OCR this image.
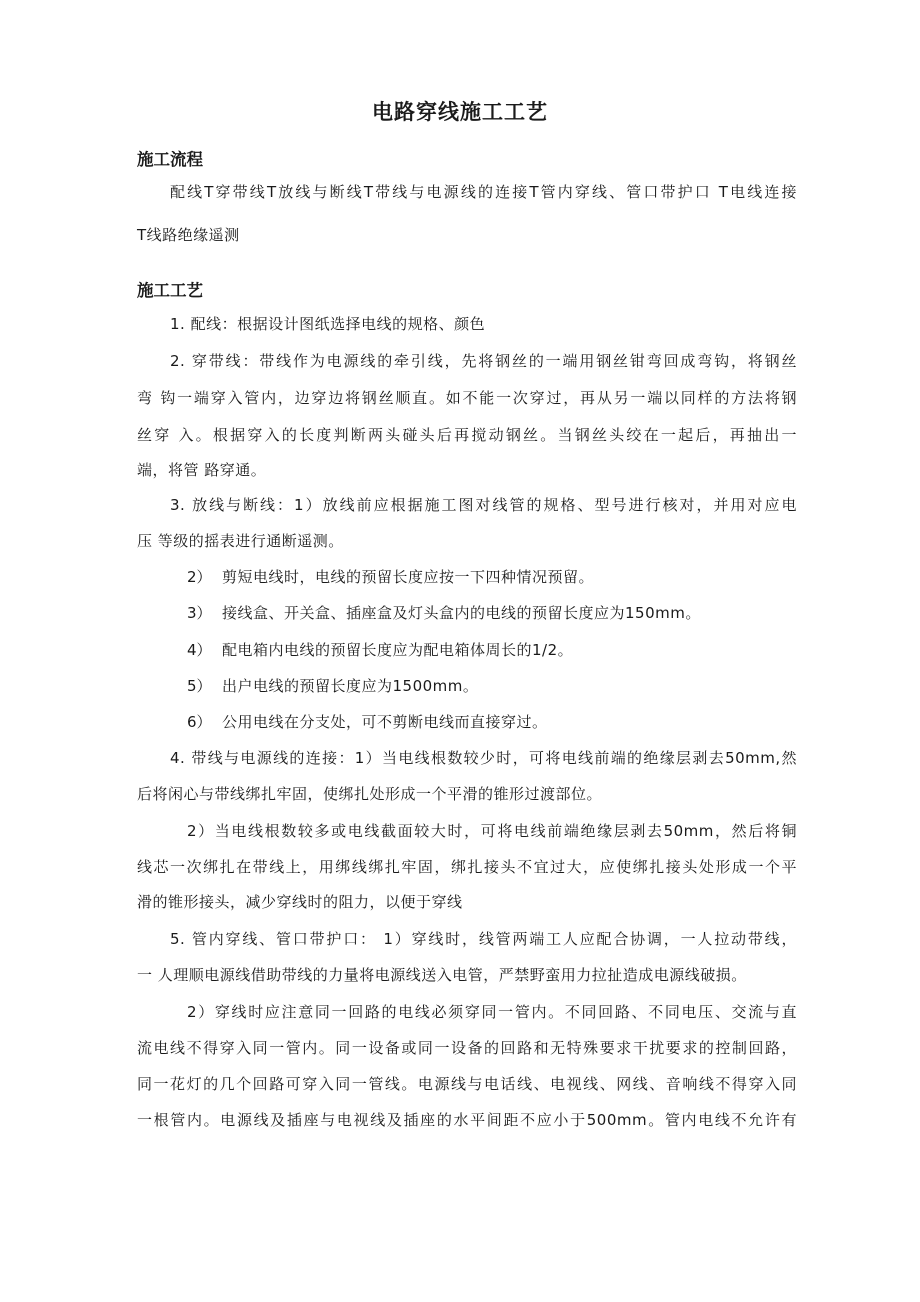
电路穿线施工工艺
施工流程

配线T穿带线T放线与断线T带线与电源线的连接T管内穿线、管口带护口 T电线连接

T线路绝缘遥测

施工工艺

1. 配线：根据设计图纸选择电线的规格、颜色

2. 穿带线：带线作为电源线的牵引线，先将钢丝的一端用钢丝钳弯回成弯钩，将钢丝

弯 钩一端穿入管内，边穿边将钢丝顺直。如不能一次穿过，再从另一端以同样的方法将钢

丝穿 入。根据穿入的长度判断两头碰头后再搅动钢丝。当钢丝头绞在一起后，再抽出一

端，将管 路穿通。

3. 放线与断线：1）放线前应根据施工图对线管的规格、型号进行核对，并用对应电

压 等级的摇表进行通断遥测。

2） 剪短电线时，电线的预留长度应按一下四种情况预留。

3） 接线盒、开关盒、插座盒及灯头盒内的电线的预留长度应为150mm。

4） 配电箱内电线的预留长度应为配电箱体周长的1/2。

5） 出户电线的预留长度应为1500mm。

6） 公用电线在分支处，可不剪断电线而直接穿过。

4. 带线与电源线的连接：1）当电线根数较少时，可将电线前端的绝缘层剥去50mm,然

后将闲心与带线绑扎牢固，使绑扎处形成一个平滑的锥形过渡部位。

2）当电线根数较多或电线截面较大时，可将电线前端绝缘层剥去50mm，然后将铜

线芯一次绑扎在带线上，用绑线绑扎牢固，绑扎接头不宜过大，应使绑扎接头处形成一个平

滑的锥形接头，减少穿线时的阻力，以便于穿线

5. 管内穿线、管口带护口： 1）穿线时，线管两端工人应配合协调，一人拉动带线，

一 人理顺电源线借助带线的力量将电源线送入电管，严禁野蛮用力拉扯造成电源线破损。

2）穿线时应注意同一回路的电线必须穿同一管内。不同回路、不同电压、交流与直

流电线不得穿入同一管内。同一设备或同一设备的回路和无特殊要求干扰要求的控制回路，

同一花灯的几个回路可穿入同一管线。电源线与电话线、电视线、网线、音响线不得穿入同

一根管内。电源线及插座与电视线及插座的水平间距不应小于500mm。管内电线不允许有
